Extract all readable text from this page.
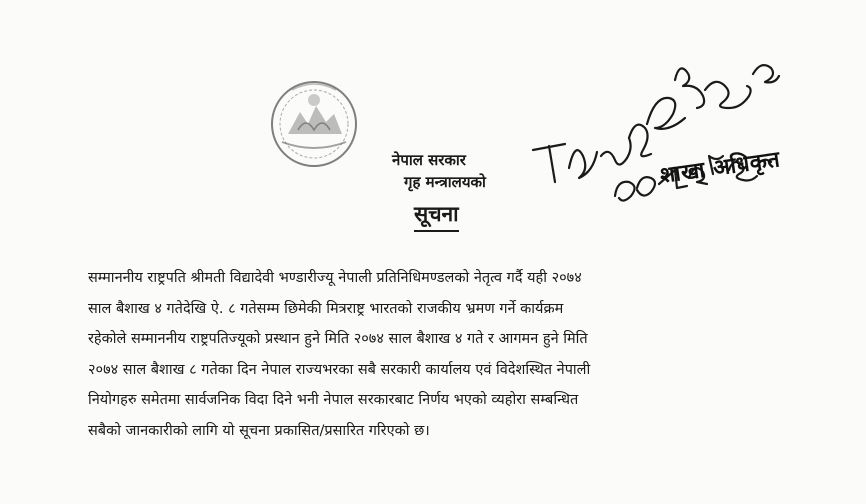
नेपाल सरकार
गृह मन्त्रालयको
सूचना
शाखा अधिकृत
सम्माननीय राष्ट्रपति श्रीमती विद्यादेवी भण्डारीज्यू नेपाली प्रतिनिधिमण्डलको नेतृत्व गर्दै यही २०७४
साल बैशाख ४ गतेदेखि ऐ. ८ गतेसम्म छिमेकी मित्रराष्ट्र भारतको राजकीय भ्रमण गर्ने कार्यक्रम
रहेकोले सम्माननीय राष्ट्रपतिज्यूको प्रस्थान हुने मिति २०७४ साल बैशाख ४ गते र आगमन हुने मिति
२०७४ साल बैशाख ८ गतेका दिन नेपाल राज्यभरका सबै सरकारी कार्यालय एवं विदेशस्थित नेपाली
नियोगहरु समेतमा सार्वजनिक विदा दिने भनी नेपाल सरकारबाट निर्णय भएको व्यहोरा सम्बन्धित
सबैको जानकारीको लागि यो सूचना प्रकासित/प्रसारित गरिएको छ।
